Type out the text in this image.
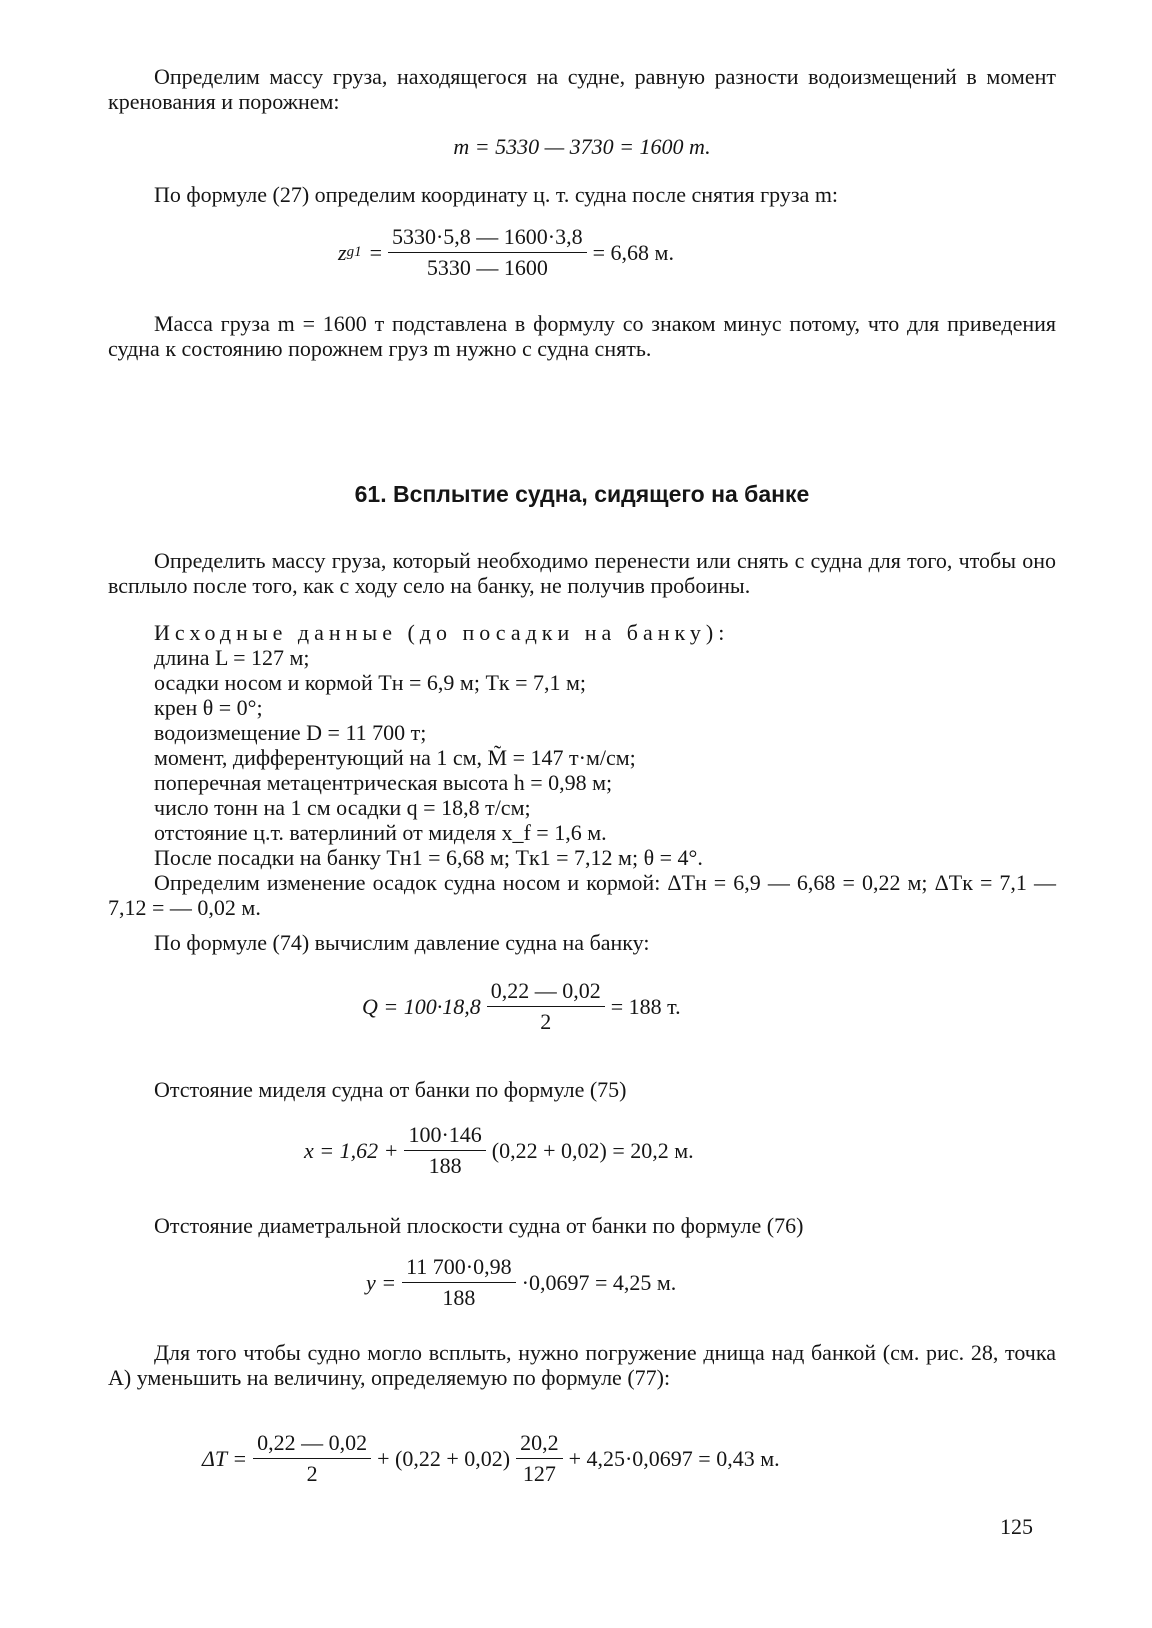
Определим массу груза, находящегося на судне, равную разности водоизмещений в момент кренования и порожнем:
m = 5330 — 3730 = 1600 т.
По формуле (27) определим координату ц. т. судна после снятия груза m:
z $g1 = \frac{5330\cdot 5,8 — 1600\cdot 3,8}{5330 — 1600} = 6,68$ м.
Масса груза m = 1600 т подставлена в формулу со знаком минус потому, что для приведения судна к состоянию порожнем груз m нужно с судна снять.
61. Всплытие судна, сидящего на банке
Определить массу груза, который необходимо перенести или снять с судна для того, чтобы оно всплыло после того, как с ходу село на банку, не получив пробоины.
Исходные данные (до посадки на банку):
длина L = 127 м;
осадки носом и кормой Tн = 6,9 м; Tк = 7,1 м;
крен θ = 0°;
водоизмещение D = 11 700 т;
момент, дифферентующий на 1 см, M̃ = 147 т·м/см;
поперечная метацентрическая высота h = 0,98 м;
число тонн на 1 см осадки q = 18,8 т/см;
отстояние ц.т. ватерлиний от миделя x_f = 1,6 м.
После посадки на банку Tн1 = 6,68 м; Tк1 = 7,12 м; θ = 4°.
Определим изменение осадок судна носом и кормой: ΔTн = 6,9 — 6,68 = 0,22 м; ΔTк = 7,1 — 7,12 = — 0,02 м.
По формуле (74) вычислим давление судна на банку:
$Q = 100\cdot 18,8 \frac{0,22 — 0,02}{2} = 188$ т.
Отстояние миделя судна от банки по формуле (75)
$x = 1,62 + \frac{100\cdot 146}{188} (0,22 + 0,02) = 20,2$ м.
Отстояние диаметральной плоскости судна от банки по формуле (76)
$y = \frac{11 700\cdot 0,98}{188} \cdot 0,0697 = 4,25$ м.
Для того чтобы судно могло всплыть, нужно погружение днища над банкой (см. рис. 28, точка A) уменьшить на величину, определяемую по формуле (77):
$\Delta T = \frac{0,22 — 0,02}{2} + (0,22 + 0,02) \frac{20,2}{127} + 4,25\cdot 0,0697 = 0,43$ м.
125
